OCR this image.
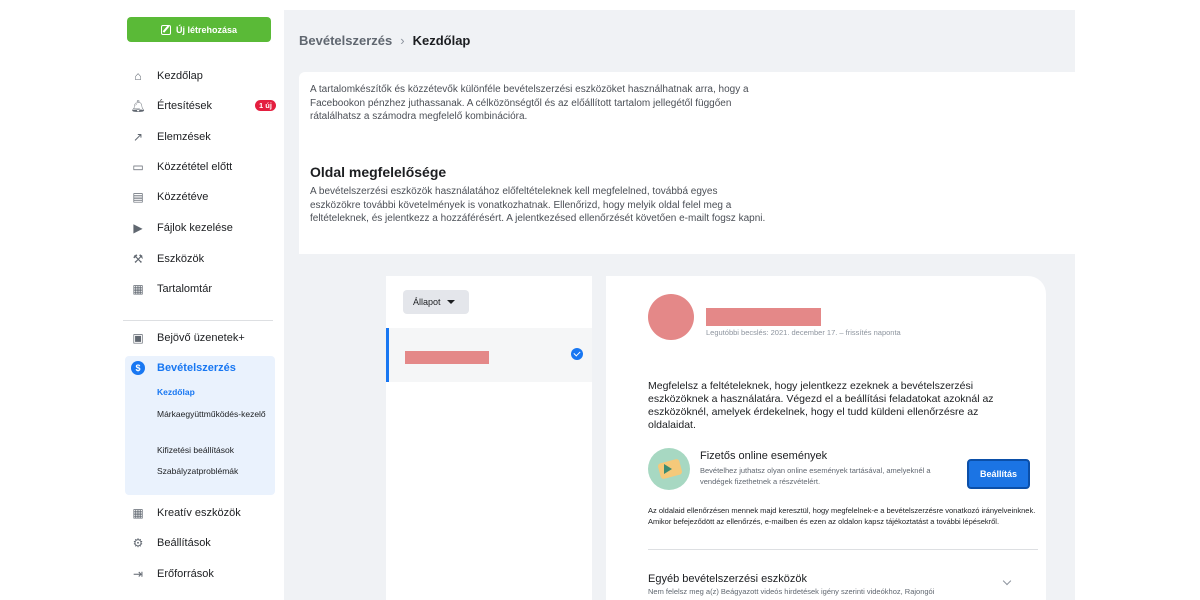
Új létrehozása
⌂	Kezdőlap
🔔︎ Értesítések	1 új
↗ Elemzések
▭ Közzététel előtt
▤ Közzétéve
▶ Fájlok kezelése
⚒ Eszközök
▦ Tartalomtár
▣ Bejövő üzenetek+
$	Bevételszerzés
Kezdőlap
Márkaegyüttműködés-kezelő
Kifizetési beállítások
Szabályzatproblémák
▦ Kreatív eszközök
⚙ Beállítások
⇥ Erőforrások
Bevételszerzés › Kezdőlap
A tartalomkészítők és közzétevők különféle bevételszerzési eszközöket használhatnak arra, hogy a Facebookon pénzhez juthassanak. A célközönségtől és az előállított tartalom jellegétől függően rátalálhatsz a számodra megfelelő kombinációra.
Oldal megfelelősége
A bevételszerzési eszközök használatához előfeltételeknek kell megfelelned, továbbá egyes eszközökre további követelmények is vonatkozhatnak. Ellenőrizd, hogy melyik oldal felel meg a feltételeknek, és jelentkezz a hozzáférésért. A jelentkezésed ellenőrzését követően e-mailt fogsz kapni.
Állapot
Legutóbbi becslés: 2021. december 17. – frissítés naponta
Megfelelsz a feltételeknek, hogy jelentkezz ezeknek a bevételszerzési eszközöknek a használatára. Végezd el a beállítási feladatokat azoknál az eszközöknél, amelyek érdekelnek, hogy el tudd küldeni ellenőrzésre az oldalaidat.
Fizetős online események
Bevételhez juthatsz olyan online események tartásával, amelyeknél a vendégek fizethetnek a részvételért.
Beállítás
Az oldalaid ellenőrzésen mennek majd keresztül, hogy megfelelnek-e a bevételszerzésre vonatkozó irányelveinknek. Amikor befejeződött az ellenőrzés, e-mailben és ezen az oldalon kapsz tájékoztatást a további lépésekről.
Egyéb bevételszerzési eszközök
Nem felelsz meg a(z) Beágyazott videós hirdetések igény szerinti videókhoz, Rajongói
